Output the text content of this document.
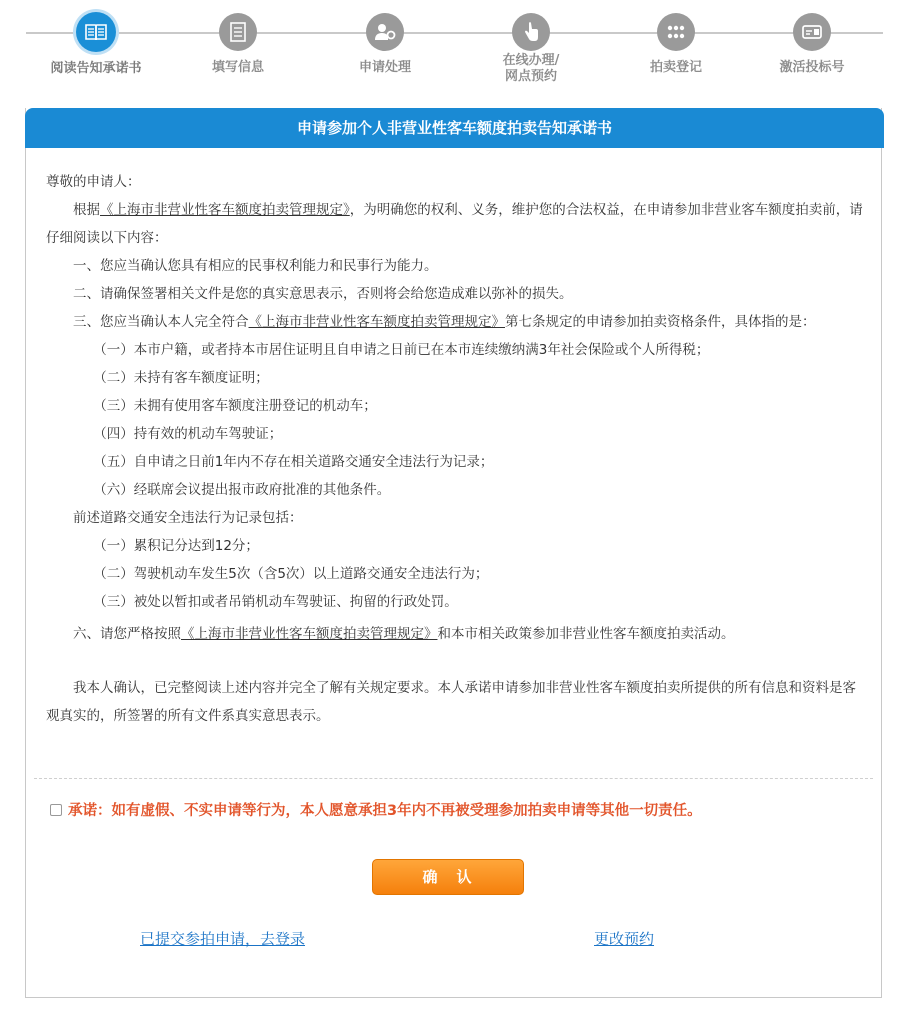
阅读告知承诺书	填写信息	申请处理	在线办理/
网点预约
拍卖登记	激活投标号
申请参加个人非营业性客车额度拍卖告知承诺书

尊敬的申请人：

根据《上海市非营业性客车额度拍卖管理规定》，为明确您的权利、义务，维护您的合法权益，在申请参加非营业客车额度拍卖前，请仔细阅读以下内容：

一、您应当确认您具有相应的民事权利能力和民事行为能力。

二、请确保签署相关文件是您的真实意思表示，否则将会给您造成难以弥补的损失。

三、您应当确认本人完全符合《上海市非营业性客车额度拍卖管理规定》第七条规定的申请参加拍卖资格条件，具体指的是：

（一）本市户籍，或者持本市居住证明且自申请之日前已在本市连续缴纳满3年社会保险或个人所得税；

（二）未持有客车额度证明；

（三）未拥有使用客车额度注册登记的机动车；

（四）持有效的机动车驾驶证；

（五）自申请之日前1年内不存在相关道路交通安全违法行为记录；

（六）经联席会议提出报市政府批准的其他条件。

前述道路交通安全违法行为记录包括：

（一）累积记分达到12分；

（二）驾驶机动车发生5次（含5次）以上道路交通安全违法行为；

（三）被处以暂扣或者吊销机动车驾驶证、拘留的行政处罚。

六、请您严格按照《上海市非营业性客车额度拍卖管理规定》和本市相关政策参加非营业性客车额度拍卖活动。

我本人确认，已完整阅读上述内容并完全了解有关规定要求。本人承诺申请参加非营业性客车额度拍卖所提供的所有信息和资料是客观真实的，所签署的所有文件系真实意思表示。

承诺：如有虚假、不实申请等行为，本人愿意承担3年内不再被受理参加拍卖申请等其他一切责任。
确　认
已提交参拍申请，去登录	更改预约
